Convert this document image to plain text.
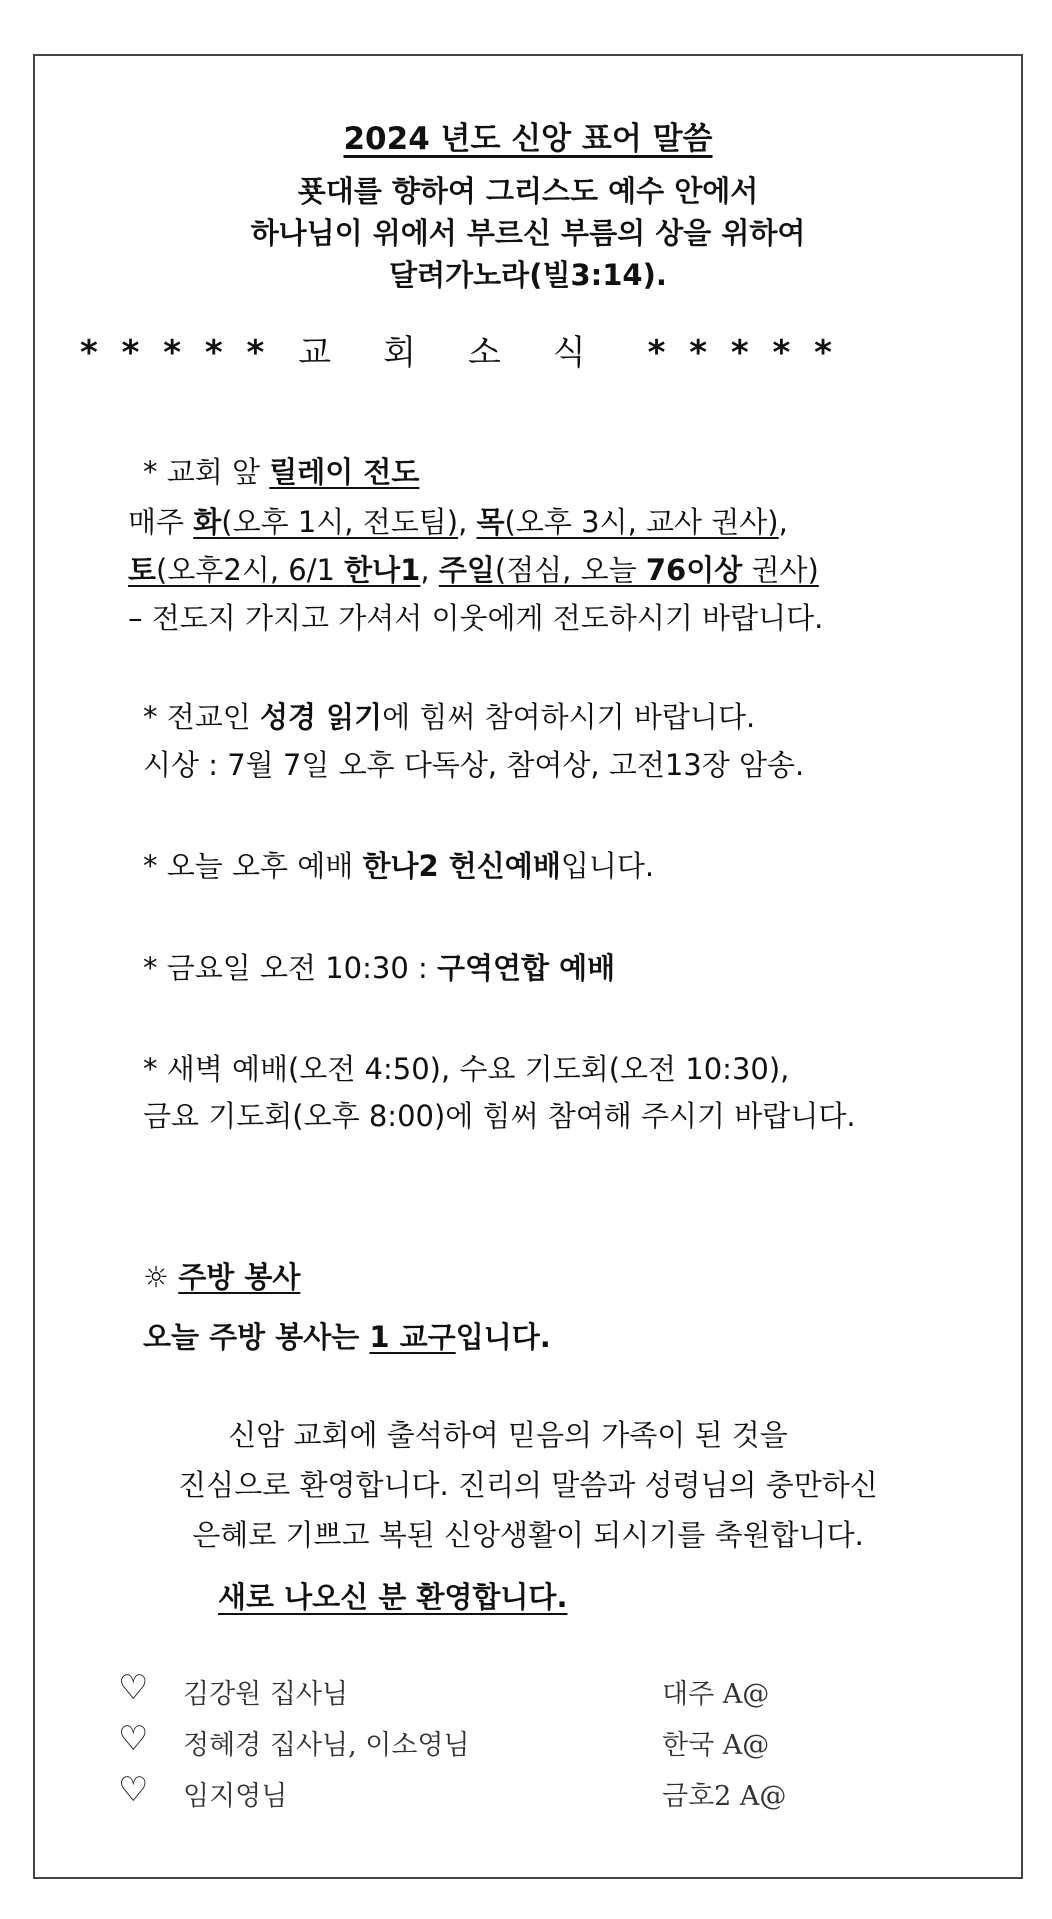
2024 년도 신앙 표어 말씀
푯대를 향하여 그리스도 예수 안에서
하나님이 위에서 부르신 부름의 상을 위하여
달려가노라(빌3:14).
* * * * * 교회소식 * * * * *
* 교회 앞 릴레이 전도
매주 화(오후 1시, 전도팀), 목(오후 3시, 교사 권사),
토(오후2시, 6/1 한나1, 주일(점심, 오늘 76이상 권사)
– 전도지 가지고 가셔서 이웃에게 전도하시기 바랍니다.
* 전교인 성경 읽기에 힘써 참여하시기 바랍니다.
시상 : 7월 7일 오후 다독상, 참여상, 고전13장 암송.
* 오늘 오후 예배 한나2 헌신예배입니다.
* 금요일 오전 10:30 : 구역연합 예배
* 새벽 예배(오전 4:50), 수요 기도회(오전 10:30),
금요 기도회(오후 8:00)에 힘써 참여해 주시기 바랍니다.
☼ 주방 봉사
오늘 주방 봉사는 1 교구입니다.
신암 교회에 출석하여 믿음의 가족이 된 것을
진심으로 환영합니다. 진리의 말씀과 성령님의 충만하신
은혜로 기쁘고 복된 신앙생활이 되시기를 축원합니다.
새로 나오신 분 환영합니다.
♡ 김강원 집사님	대주 A@
♡ 정혜경 집사님, 이소영님	한국 A@
♡ 임지영님	금호2 A@
